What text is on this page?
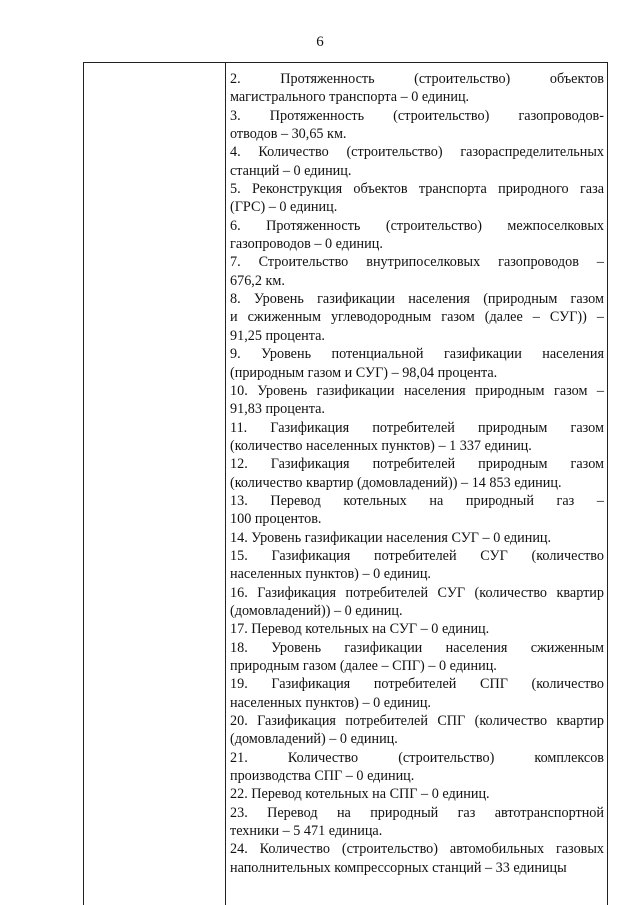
6

2. Протяженность (строительство) объектов
магистрального транспорта – 0 единиц.

3. Протяженность (строительство) газопроводов-
отводов – 30,65 км.

4. Количество (строительство) газораспределительных
станций – 0 единиц.

5. Реконструкция объектов транспорта природного газа
(ГРС) – 0 единиц.

6. Протяженность (строительство) межпоселковых
газопроводов – 0 единиц.

7. Строительство внутрипоселковых газопроводов –
676,2 км.

8. Уровень газификации населения (природным газом
и сжиженным углеводородным газом (далее – СУГ)) –
91,25 процента.

9. Уровень потенциальной газификации населения
(природным газом и СУГ) – 98,04 процента.

10. Уровень газификации населения природным газом –
91,83 процента.

11. Газификация потребителей природным газом
(количество населенных пунктов) – 1 337 единиц.

12. Газификация потребителей природным газом
(количество квартир (домовладений)) – 14 853 единиц.

13. Перевод котельных на природный газ –
100 процентов.

14. Уровень газификации населения СУГ – 0 единиц.

15. Газификация потребителей СУГ (количество
населенных пунктов) – 0 единиц.

16. Газификация потребителей СУГ (количество квартир
(домовладений)) – 0 единиц.

17. Перевод котельных на СУГ – 0 единиц.

18. Уровень газификации населения сжиженным
природным газом (далее – СПГ) – 0 единиц.

19. Газификация потребителей СПГ (количество
населенных пунктов) – 0 единиц.

20. Газификация потребителей СПГ (количество квартир
(домовладений) – 0 единиц.

21. Количество (строительство) комплексов
производства СПГ – 0 единиц.

22. Перевод котельных на СПГ – 0 единиц.

23. Перевод на природный газ автотранспортной
техники – 5 471 единица.

24. Количество (строительство) автомобильных газовых
наполнительных компрессорных станций – 33 единицы
